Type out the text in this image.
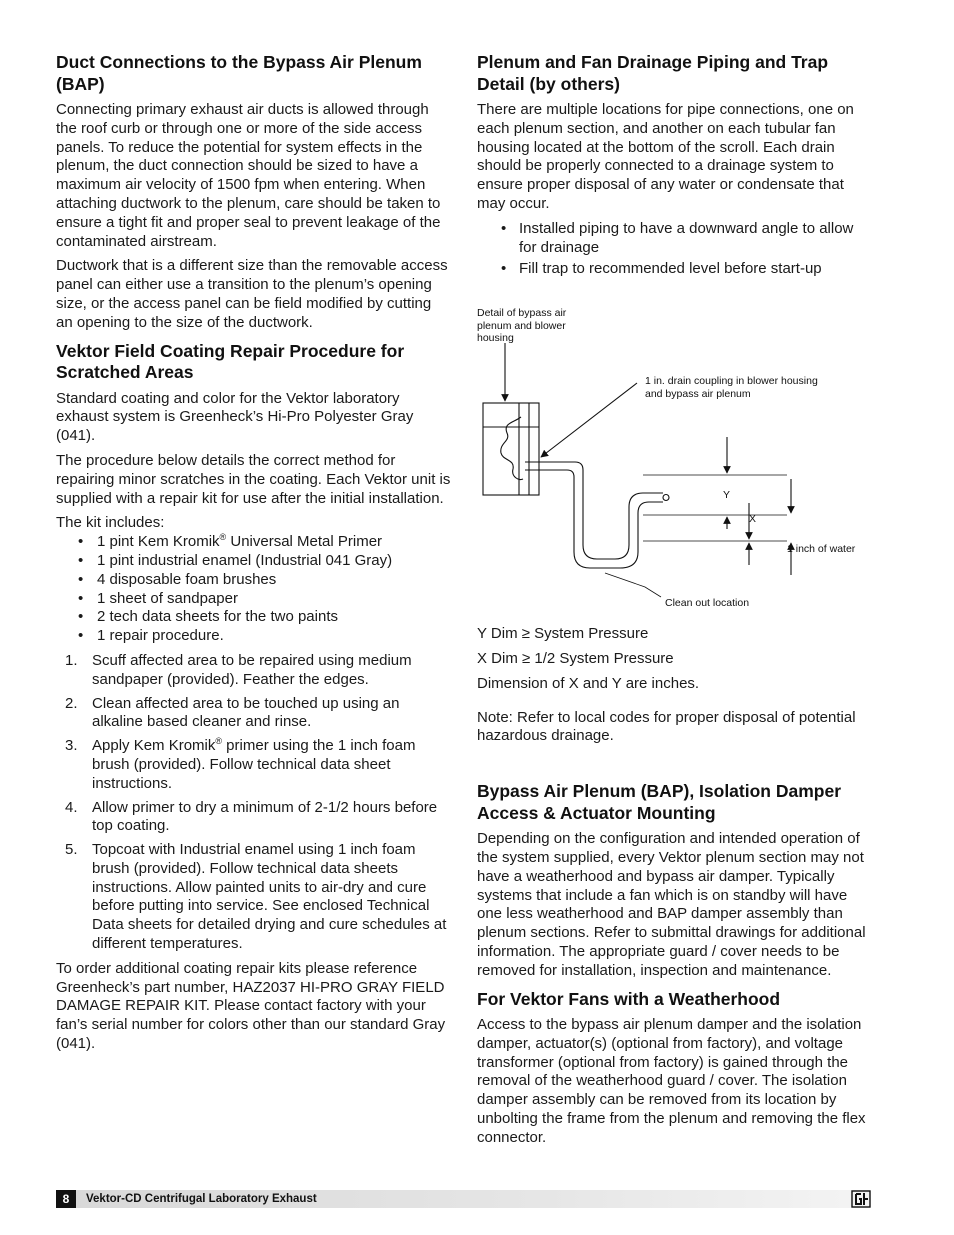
Duct Connections to the Bypass Air Plenum (BAP)

Connecting primary exhaust air ducts is allowed through the roof curb or through one or more of the side access panels. To reduce the potential for system effects in the plenum, the duct connection should be sized to have a maximum air velocity of 1500 fpm when entering. When attaching ductwork to the plenum, care should be taken to ensure a tight fit and proper seal to prevent leakage of the contaminated airstream.

Ductwork that is a different size than the removable access panel can either use a transition to the plenum’s opening size, or the access panel can be field modified by cutting an opening to the size of the ductwork.

Vektor Field Coating Repair Procedure for Scratched Areas

Standard coating and color for the Vektor laboratory exhaust system is Greenheck’s Hi-Pro Polyester Gray (041).

The procedure below details the correct method for repairing minor scratches in the coating. Each Vektor unit is supplied with a repair kit for use after the initial installation.

The kit includes:

• 1 pint Kem Kromik® Universal Metal Primer
• 1 pint industrial enamel (Industrial 041 Gray)
• 4 disposable foam brushes
• 1 sheet of sandpaper
• 2 tech data sheets for the two paints
• 1 repair procedure.
1. Scuff affected area to be repaired using medium sandpaper (provided). Feather the edges.
2. Clean affected area to be touched up using an alkaline based cleaner and rinse.
3. Apply Kem Kromik® primer using the 1 inch foam brush (provided). Follow technical data sheet instructions.
4. Allow primer to dry a minimum of 2-1/2 hours before top coating.
5. Topcoat with Industrial enamel using 1 inch foam brush (provided). Follow technical data sheets instructions. Allow painted units to air-dry and cure before putting into service. See enclosed Technical Data sheets for detailed drying and cure schedules at different temperatures.

To order additional coating repair kits please reference Greenheck’s part number, HAZ2037 HI-PRO GRAY FIELD DAMAGE REPAIR KIT. Please contact factory with your fan’s serial number for colors other than our standard Gray (041).

Plenum and Fan Drainage Piping and Trap Detail (by others)

There are multiple locations for pipe connections, one on each plenum section, and another on each tubular fan housing located at the bottom of the scroll. Each drain should be properly connected to a drainage system to ensure proper disposal of any water or condensate that may occur.

• Installed piping to have a downward angle to allow for drainage
• Fill trap to recommended level before start-up
Detail of bypass air plenum and blower housing
1 in. drain coupling in blower housing and bypass air plenum
Y
X
1 inch of water
Clean out location

Y Dim ≥ System Pressure

X Dim ≥ 1/2 System Pressure

Dimension of X and Y are inches.

Note: Refer to local codes for proper disposal of potential hazardous drainage.

Bypass Air Plenum (BAP), Isolation Damper Access & Actuator Mounting

Depending on the configuration and intended operation of the system supplied, every Vektor plenum section may not have a weatherhood and bypass air damper. Typically systems that include a fan which is on standby will have one less weatherhood and BAP damper assembly than plenum sections. Refer to submittal drawings for additional information. The appropriate guard / cover needs to be removed for installation, inspection and maintenance.

For Vektor Fans with a Weatherhood

Access to the bypass air plenum damper and the isolation damper, actuator(s) (optional from factory), and voltage transformer (optional from factory) is gained through the removal of the weatherhood guard / cover. The isolation damper assembly can be removed from its location by unbolting the frame from the plenum and removing the flex connector.

8	Vektor-CD Centrifugal Laboratory Exhaust
